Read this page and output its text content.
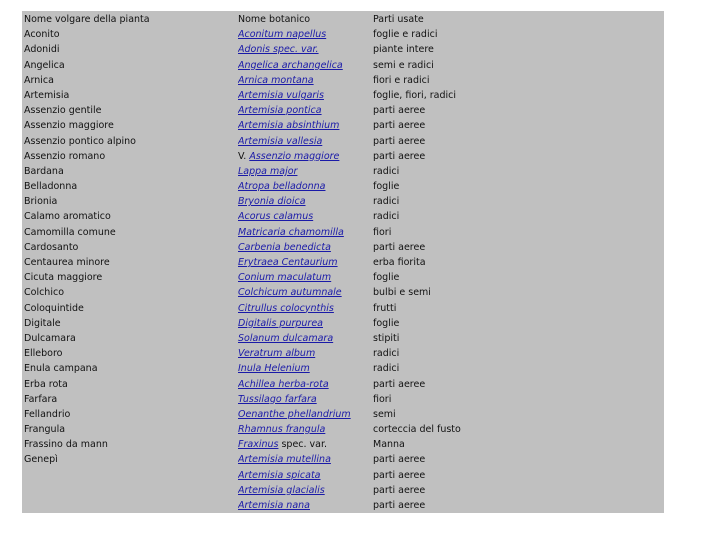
Nome volgare della pianta
Aconito
Adonidi
Angelica
Arnica
Artemisia
Assenzio gentile
Assenzio maggiore
Assenzio pontico alpino
Assenzio romano
Bardana
Belladonna
Brionia
Calamo aromatico
Camomilla comune
Cardosanto
Centaurea minore
Cicuta maggiore
Colchico
Coloquintide
Digitale
Dulcamara
Elleboro
Enula campana
Erba rota
Farfara
Fellandrio
Frangula
Frassino da mann
Genepì
Nome botanico
Aconitum napellus
Adonis spec. var.
Angelica archangelica
Arnica montana
Artemisia vulgaris
Artemisia pontica
Artemisia absinthium
Artemisia vallesia
V. Assenzio maggiore
Lappa major
Atropa belladonna
Bryonia dioica
Acorus calamus
Matricaria chamomilla
Carbenia benedicta
Erytraea Centaurium
Conium maculatum
Colchicum autumnale
Citrullus colocynthis
Digitalis purpurea
Solanum dulcamara
Veratrum album
Inula Helenium
Achillea herba-rota
Tussilago farfara
Oenanthe phellandrium
Rhamnus frangula
Fraxinus spec. var.
Artemisia mutellina
Artemisia spicata
Artemisia glacialis
Artemisia nana
Parti usate
foglie e radici
piante intere
semi e radici
fiori e radici
foglie, fiori, radici
parti aeree
parti aeree
parti aeree
parti aeree
radici
foglie
radici
radici
fiori
parti aeree
erba fiorita
foglie
bulbi e semi
frutti
foglie
stipiti
radici
radici
parti aeree
fiori
semi
corteccia del fusto
Manna
parti aeree
parti aeree
parti aeree
parti aeree
